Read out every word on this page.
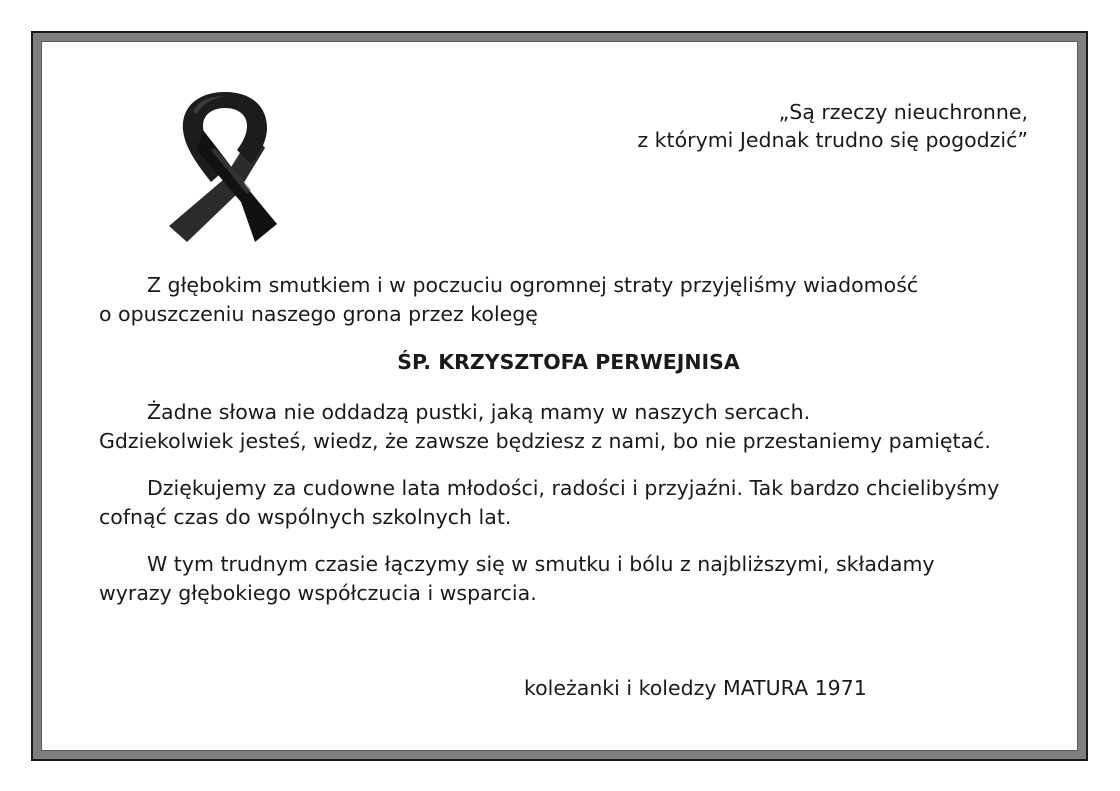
„Są rzeczy nieuchronne,
z którymi Jednak trudno się pogodzić”
Z głębokim smutkiem i w poczuciu ogromnej straty przyjęliśmy wiadomość
o opuszczeniu naszego grona przez kolegę
ŚP. KRZYSZTOFA PERWEJNISA
Żadne słowa nie oddadzą pustki, jaką mamy w naszych sercach.
Gdziekolwiek jesteś, wiedz, że zawsze będziesz z nami, bo nie przestaniemy pamiętać.
Dziękujemy za cudowne lata młodości, radości i przyjaźni. Tak bardzo chcielibyśmy
cofnąć czas do wspólnych szkolnych lat.
W tym trudnym czasie łączymy się w smutku i bólu z najbliższymi, składamy
wyrazy głębokiego współczucia i wsparcia.
koleżanki i koledzy MATURA 1971
